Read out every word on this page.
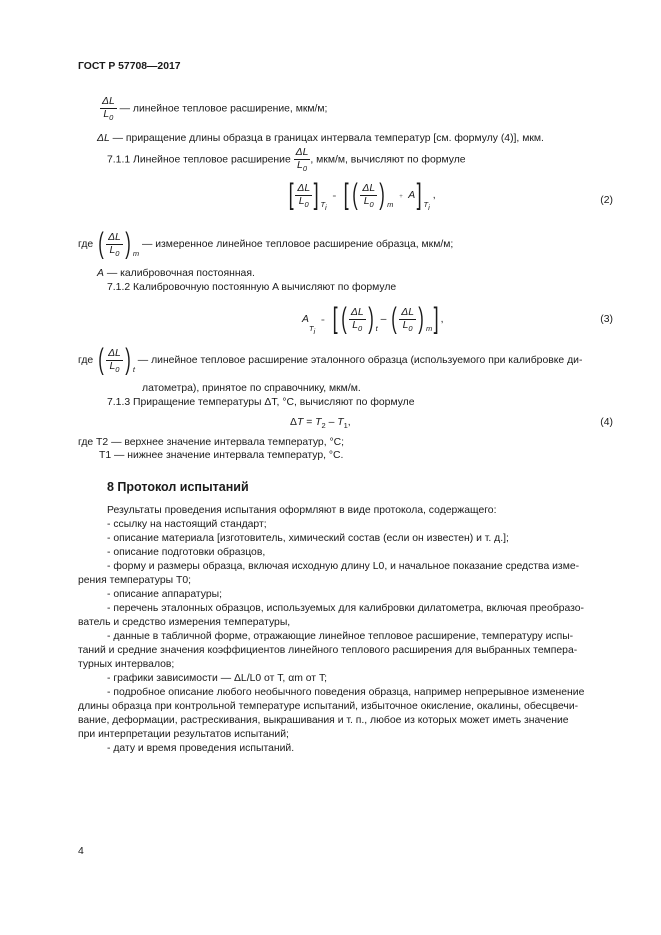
ГОСТ Р 57708—2017
$\frac{\Delta L}{L_0}$ — линейное тепловое расширение, мкм/м;
ΔL — приращение длины образца в границах интервала температур [см. формулу (4)], мкм.
7.1.1 Линейное тепловое расширение $\frac{\Delta L}{L_0}$ , мкм/м, вычисляют по формуле
[ $\frac{\Delta L}{L_0}$ ] $_{T_i}$ = [ ( $\frac{\Delta L}{L_0}$ ) $_m$ + A] $_{T_i}$ ,	(2)
где ( $\frac{\Delta L}{L_0}$ ) $_m$ — измеренное линейное тепловое расширение образца, мкм/м;
A — калибровочная постоянная.
7.1.2 Калибровочную постоянную A вычисляют по формуле
$A_{T_i}$ = [ ( $\frac{\Delta L}{L_0}$ ) $_t$ – ( $\frac{\Delta L}{L_0}$ ) $_m$] ,	(3)
где ( $\frac{\Delta L}{L_0}$ ) $_t$ — линейное тепловое расширение эталонного образца (используемого при калибровке ди-
латометра), принятое по справочнику, мкм/м.
7.1.3 Приращение температуры ΔT, °C, вычисляют по формуле
$\Delta T = T_2 - T_1$,	(4)
где T2 — верхнее значение интервала температур, °C;
T1 — нижнее значение интервала температур, °C.
8 Протокол испытаний
Результаты проведения испытания оформляют в виде протокола, содержащего:
- ссылку на настоящий стандарт;
- описание материала [изготовитель, химический состав (если он известен) и т. д.];
- описание подготовки образцов,
- форму и размеры образца, включая исходную длину L0, и начальное показание средства изме-
рения температуры T0;
- описание аппаратуры;
- перечень эталонных образцов, используемых для калибровки дилатометра, включая преобразо-
ватель и средство измерения температуры,
- данные в табличной форме, отражающие линейное тепловое расширение, температуру испы-
таний и средние значения коэффициентов линейного теплового расширения для выбранных темпера-
турных интервалов;
- графики зависимости — ΔL/L0 от T, αm от T;
- подробное описание любого необычного поведения образца, например непрерывное изменение
длины образца при контрольной температуре испытаний, избыточное окисление, окалины, обесцвечи-
вание, деформации, растрескивания, выкрашивания и т. п., любое из которых может иметь значение
при интерпретации результатов испытаний;
- дату и время проведения испытаний.
4
